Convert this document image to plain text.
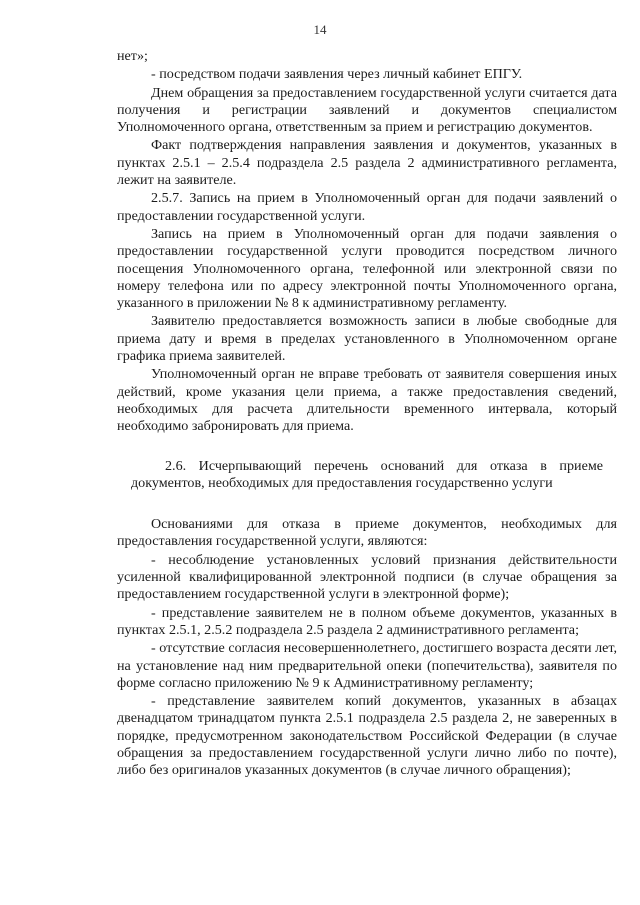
14

нет»;

- посредством подачи заявления через личный кабинет ЕПГУ.

Днем обращения за предоставлением государственной услуги считается дата получения и регистрации заявлений и документов специалистом Уполномоченного органа, ответственным за прием и регистрацию документов.

Факт подтверждения направления заявления и документов, указанных в пунктах 2.5.1 – 2.5.4 подраздела 2.5 раздела 2 административного регламента, лежит на заявителе.

2.5.7. Запись на прием в Уполномоченный орган для подачи заявлений о предоставлении государственной услуги.

Запись на прием в Уполномоченный орган для подачи заявления о предоставлении государственной услуги проводится посредством личного посещения Уполномоченного органа, телефонной или электронной связи по номеру телефона или по адресу электронной почты Уполномоченного органа, указанного в приложении № 8 к административному регламенту.

Заявителю предоставляется возможность записи в любые свободные для приема дату и время в пределах установленного в Уполномоченном органе графика приема заявителей.

Уполномоченный орган не вправе требовать от заявителя совершения иных действий, кроме указания цели приема, а также предоставления сведений, необходимых для расчета длительности временного интервала, который необходимо забронировать для приема.

2.6. Исчерпывающий перечень оснований для отказа в приеме документов, необходимых для предоставления государственно услуги

Основаниями для отказа в приеме документов, необходимых для предоставления государственной услуги, являются:

- несоблюдение установленных условий признания действительности усиленной квалифицированной электронной подписи (в случае обращения за предоставлением государственной услуги в электронной форме);

- представление заявителем не в полном объеме документов, указанных в пунктах 2.5.1, 2.5.2 подраздела 2.5 раздела 2 административного регламента;

- отсутствие согласия несовершеннолетнего, достигшего возраста десяти лет, на установление над ним предварительной опеки (попечительства), заявителя по форме согласно приложению № 9 к Административному регламенту;

- представление заявителем копий документов, указанных в абзацах двенадцатом тринадцатом пункта 2.5.1 подраздела 2.5 раздела 2, не заверенных в порядке, предусмотренном законодательством Российской Федерации (в случае обращения за предоставлением государственной услуги лично либо по почте), либо без оригиналов указанных документов (в случае личного обращения);
